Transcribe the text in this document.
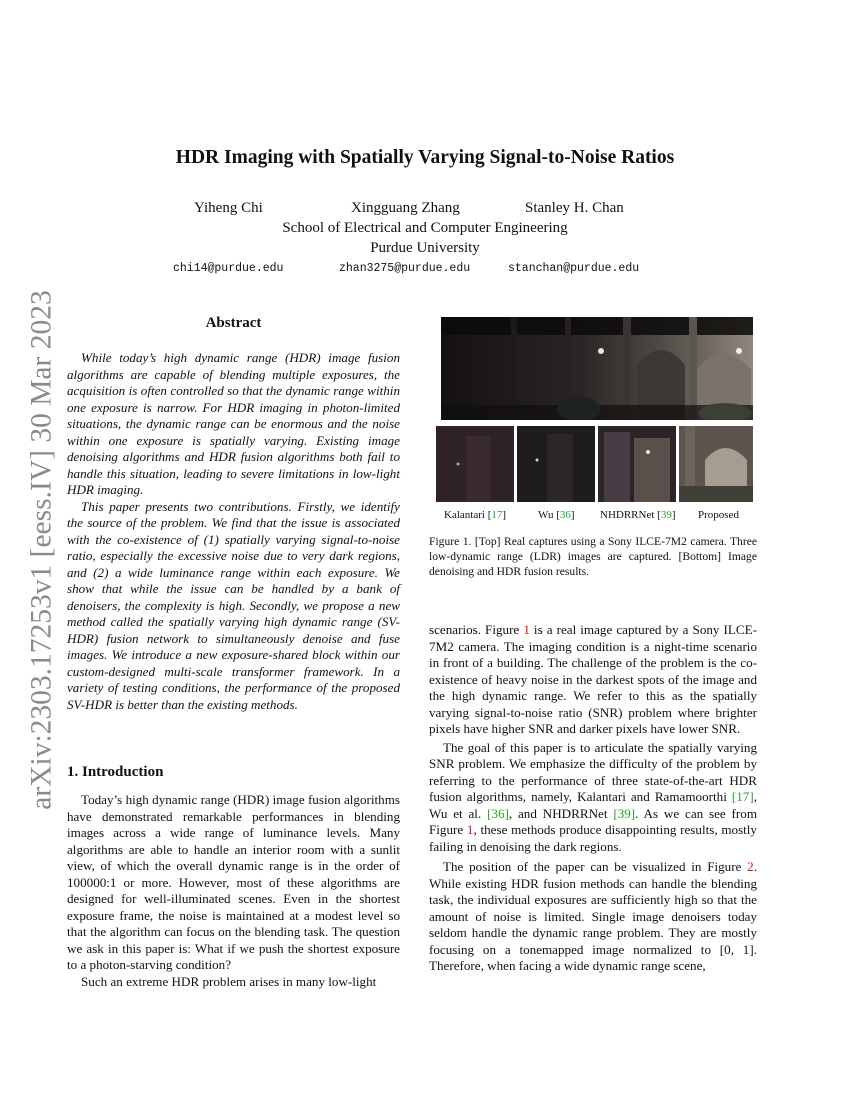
arXiv:2303.17253v1 [eess.IV] 30 Mar 2023
HDR Imaging with Spatially Varying Signal-to-Noise Ratios
Yiheng Chi	Xingguang Zhang	Stanley H. Chan
School of Electrical and Computer Engineering
Purdue University
chi14@purdue.edu	zhan3275@purdue.edu	stanchan@purdue.edu
Abstract

While today’s high dynamic range (HDR) image fusion algorithms are capable of blending multiple exposures, the acquisition is often controlled so that the dynamic range within one exposure is narrow. For HDR imaging in photon-limited situations, the dynamic range can be enormous and the noise within one exposure is spatially varying. Existing image denoising algorithms and HDR fusion algorithms both fail to handle this situation, leading to severe limitations in low-light HDR imaging.

This paper presents two contributions. Firstly, we identify the source of the problem. We find that the issue is associated with the co-existence of (1) spatially varying signal-to-noise ratio, especially the excessive noise due to very dark regions, and (2) a wide luminance range within each exposure. We show that while the issue can be handled by a bank of denoisers, the complexity is high. Secondly, we propose a new method called the spatially varying high dynamic range (SV-HDR) fusion network to simultaneously denoise and fuse images. We introduce a new exposure-shared block within our custom-designed multi-scale transformer framework. In a variety of testing conditions, the performance of the proposed SV-HDR is better than the existing methods.

1. Introduction

Today’s high dynamic range (HDR) image fusion algorithms have demonstrated remarkable performances in blending images across a wide range of luminance levels. Many algorithms are able to handle an interior room with a sunlit view, of which the overall dynamic range is in the order of 100000:1 or more. However, most of these algorithms are designed for well-illuminated scenes. Even in the shortest exposure frame, the noise is maintained at a modest level so that the algorithm can focus on the blending task. The question we ask in this paper is: What if we push the shortest exposure to a photon-starving condition?

Such an extreme HDR problem arises in many low-light

Kalantari [17]	Wu [36] NHDRRNet [39] Proposed

Figure 1. [Top] Real captures using a Sony ILCE-7M2 camera. Three low-dynamic range (LDR) images are captured. [Bottom] Image denoising and HDR fusion results.

scenarios. Figure 1 is a real image captured by a Sony ILCE-7M2 camera. The imaging condition is a night-time scenario in front of a building. The challenge of the problem is the co-existence of heavy noise in the darkest spots of the image and the high dynamic range. We refer to this as the spatially varying signal-to-noise ratio (SNR) problem where brighter pixels have higher SNR and darker pixels have lower SNR.

The goal of this paper is to articulate the spatially varying SNR problem. We emphasize the difficulty of the problem by referring to the performance of three state-of-the-art HDR fusion algorithms, namely, Kalantari and Ramamoorthi [17], Wu et al. [36], and NHDRRNet [39]. As we can see from Figure 1, these methods produce disappointing results, mostly failing in denoising the dark regions.

The position of the paper can be visualized in Figure 2. While existing HDR fusion methods can handle the blending task, the individual exposures are sufficiently high so that the amount of noise is limited. Single image denoisers today seldom handle the dynamic range problem. They are mostly focusing on a tonemapped image normalized to [0, 1]. Therefore, when facing a wide dynamic range scene,
